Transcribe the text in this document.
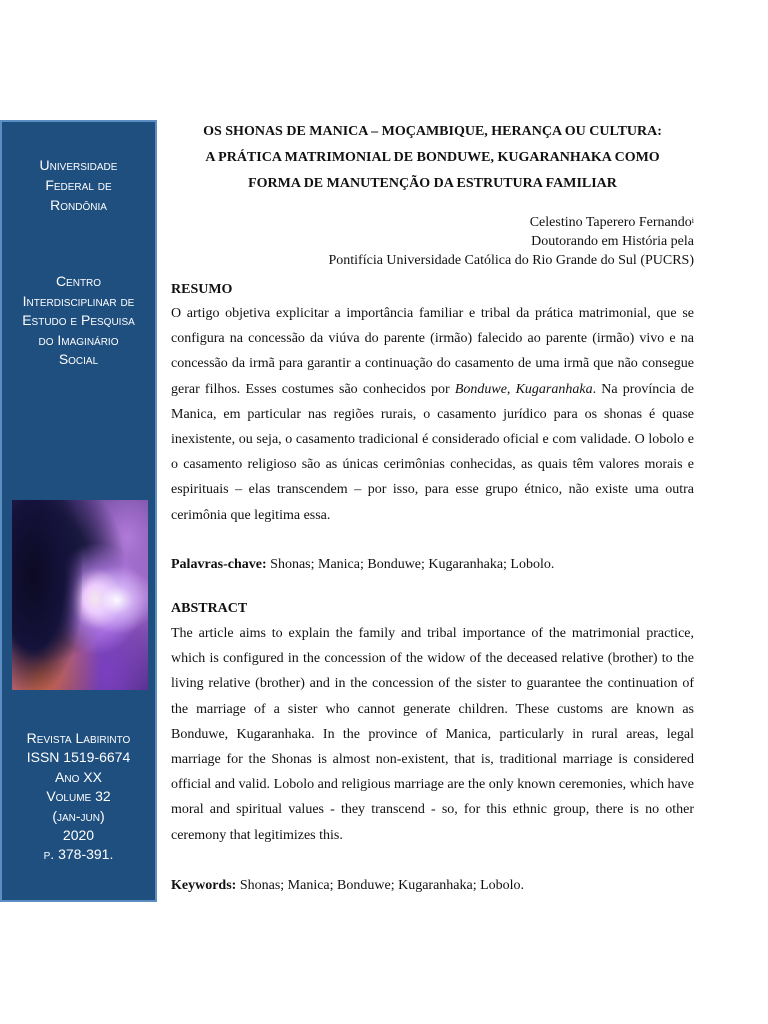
Universidade
Federal de
Rondônia
Centro
Interdisciplinar de
Estudo e Pesquisa
do Imaginário
Social
Revista Labirinto
ISSN 1519-6674
Ano XX
Volume 32
(jan-jun)
2020
p. 378-391.
OS SHONAS DE MANICA – MOÇAMBIQUE, HERANÇA OU CULTURA:
A PRÁTICA MATRIMONIAL DE BONDUWE, KUGARANHAKA COMO
FORMA DE MANUTENÇÃO DA ESTRUTURA FAMILIAR
Celestino Taperero Fernando$^i$
Doutorando em História pela
Pontifícia Universidade Católica do Rio Grande do Sul (PUCRS)
RESUMO
O artigo objetiva explicitar a importância familiar e tribal da prática matrimonial, que se configura na concessão da viúva do parente (irmão) falecido ao parente (irmão) vivo e na concessão da irmã para garantir a continuação do casamento de uma irmã que não consegue gerar filhos. Esses costumes são conhecidos por Bonduwe, Kugaranhaka. Na província de Manica, em particular nas regiões rurais, o casamento jurídico para os shonas é quase inexistente, ou seja, o casamento tradicional é considerado oficial e com validade. O lobolo e o casamento religioso são as únicas cerimônias conhecidas, as quais têm valores morais e espirituais – elas transcendem – por isso, para esse grupo étnico, não existe uma outra cerimônia que legitima essa.
Palavras-chave: Shonas; Manica; Bonduwe; Kugaranhaka; Lobolo.
ABSTRACT
The article aims to explain the family and tribal importance of the matrimonial practice, which is configured in the concession of the widow of the deceased relative (brother) to the living relative (brother) and in the concession of the sister to guarantee the continuation of the marriage of a sister who cannot generate children. These customs are known as Bonduwe, Kugaranhaka. In the province of Manica, particularly in rural areas, legal marriage for the Shonas is almost non-existent, that is, traditional marriage is considered official and valid. Lobolo and religious marriage are the only known ceremonies, which have moral and spiritual values - they transcend - so, for this ethnic group, there is no other ceremony that legitimizes this.
Keywords: Shonas; Manica; Bonduwe; Kugaranhaka; Lobolo.
